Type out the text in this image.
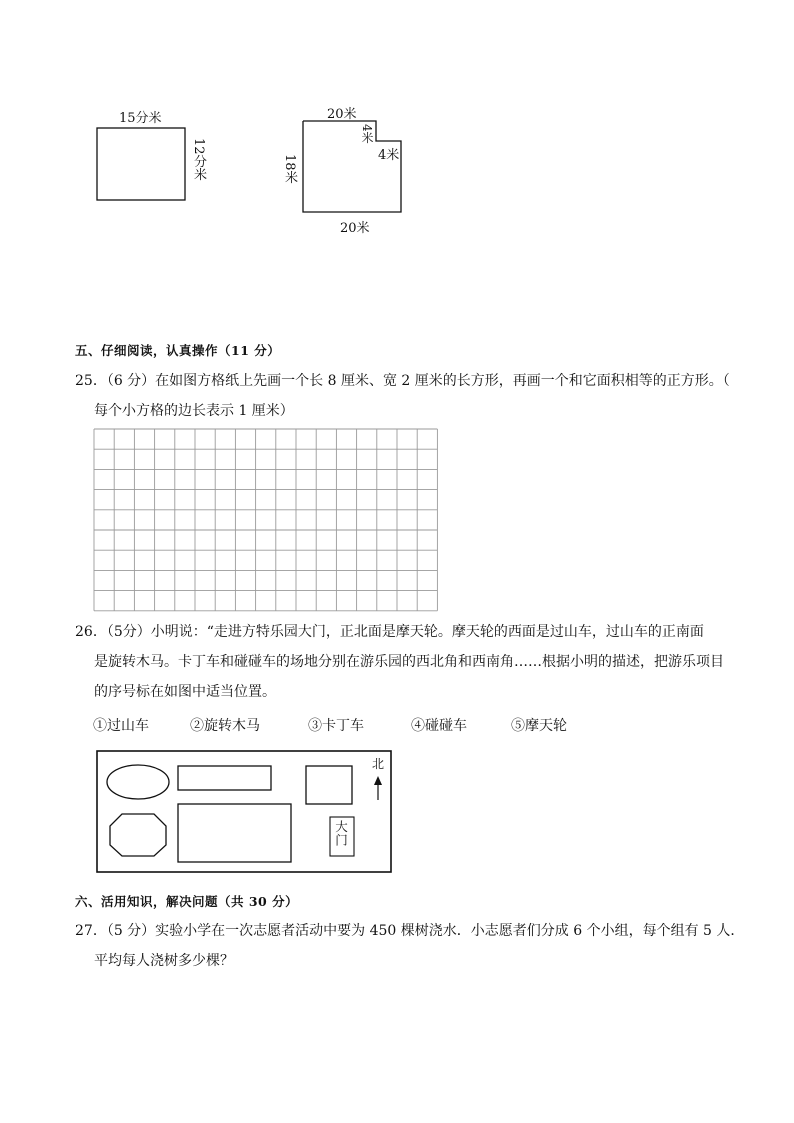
15分米
12分米
20米
4米
4米
18米
20米
五、仔细阅读，认真操作（11 分）
25．（6 分）在如图方格纸上先画一个长 8 厘米、宽 2 厘米的长方形，再画一个和它面积相等的正方形。（
每个小方格的边长表示 1 厘米）
26．（5分）小明说：“走进方特乐园大门，正北面是摩天轮。摩天轮的西面是过山车，过山车的正南面
是旋转木马。卡丁车和碰碰车的场地分别在游乐园的西北角和西南角……根据小明的描述，把游乐项目
的序号标在如图中适当位置。
①过山车	②旋转木马	③卡丁车	④碰碰车	⑤摩天轮
北
大门
六、活用知识，解决问题（共 30 分）
27．（5 分）实验小学在一次志愿者活动中要为 450 棵树浇水．小志愿者们分成 6 个小组，每个组有 5 人．
平均每人浇树多少棵？
